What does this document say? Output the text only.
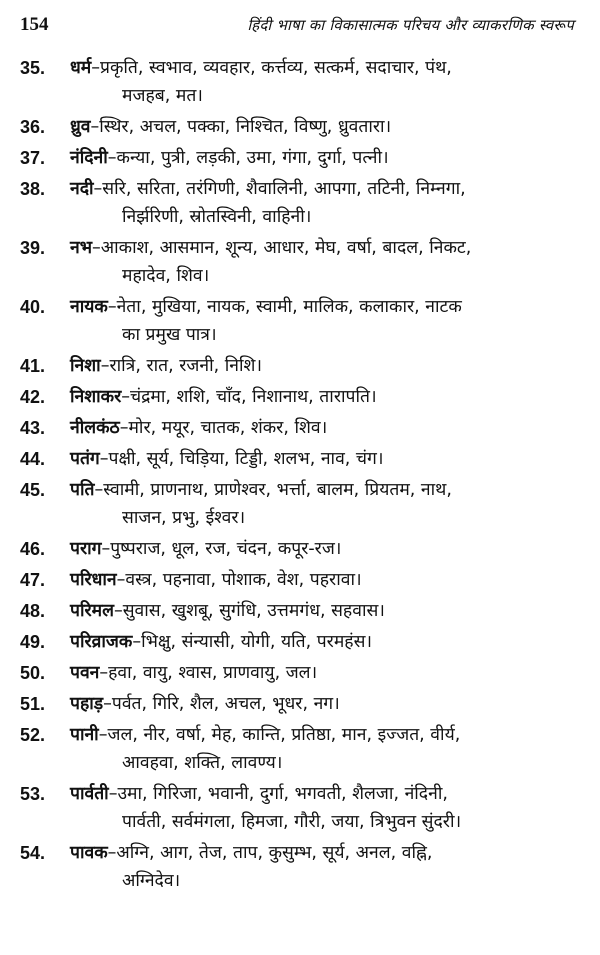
154	हिंदी भाषा का विकासात्मक परिचय और व्याकरणिक स्वरूप
35.	धर्म–प्रकृति, स्वभाव, व्यवहार, कर्त्तव्य, सत्कर्म, सदाचार, पंथ,
मजहब, मत।
36.	ध्रुव–स्थिर, अचल, पक्का, निश्चित, विष्णु, ध्रुवतारा।
37.	नंदिनी–कन्या, पुत्री, लड़की, उमा, गंगा, दुर्गा, पत्नी।
38.	नदी–सरि, सरिता, तरंगिणी, शैवालिनी, आपगा, तटिनी, निम्नगा,
निर्झरिणी, स्रोतस्विनी, वाहिनी।
39.	नभ–आकाश, आसमान, शून्य, आधार, मेघ, वर्षा, बादल, निकट,
महादेव, शिव।
40.	नायक–नेता, मुखिया, नायक, स्वामी, मालिक, कलाकार, नाटक
का प्रमुख पात्र।
41.	निशा–रात्रि, रात, रजनी, निशि।
42.	निशाकर–चंद्रमा, शशि, चाँद, निशानाथ, तारापति।
43.	नीलकंठ–मोर, मयूर, चातक, शंकर, शिव।
44.	पतंग–पक्षी, सूर्य, चिड़िया, टिड्डी, शलभ, नाव, चंग।
45.	पति–स्वामी, प्राणनाथ, प्राणेश्वर, भर्त्ता, बालम, प्रियतम, नाथ,
साजन, प्रभु, ईश्वर।
46.	पराग–पुष्पराज, धूल, रज, चंदन, कपूर-रज।
47.	परिधान–वस्त्र, पहनावा, पोशाक, वेश, पहरावा।
48.	परिमल–सुवास, खुशबू, सुगंधि, उत्तमगंध, सहवास।
49.	परिव्राजक–भिक्षु, संन्यासी, योगी, यति, परमहंस।
50.	पवन–हवा, वायु, श्वास, प्राणवायु, जल।
51.	पहाड़–पर्वत, गिरि, शैल, अचल, भूधर, नग।
52.	पानी–जल, नीर, वर्षा, मेह, कान्ति, प्रतिष्ठा, मान, इज्जत, वीर्य,
आवहवा, शक्ति, लावण्य।
53.	पार्वती–उमा, गिरिजा, भवानी, दुर्गा, भगवती, शैलजा, नंदिनी,
पार्वती, सर्वमंगला, हिमजा, गौरी, जया, त्रिभुवन सुंदरी।
54.	पावक–अग्नि, आग, तेज, ताप, कुसुम्भ, सूर्य, अनल, वह्नि,
अग्निदेव।
